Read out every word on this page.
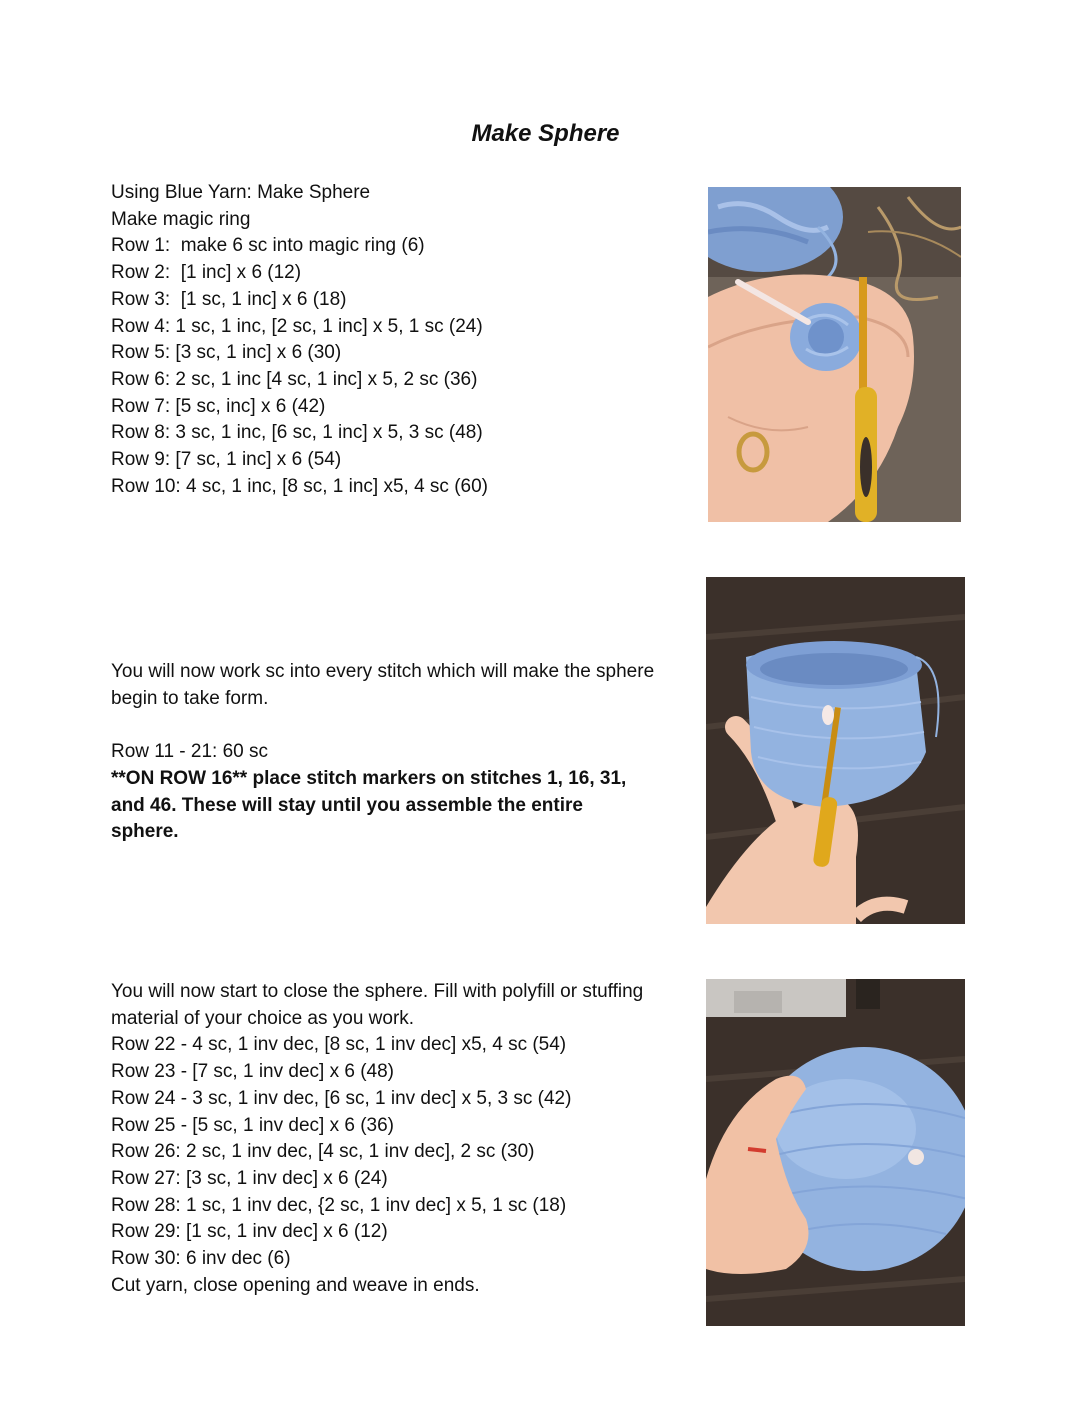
Make Sphere
Using Blue Yarn: Make Sphere
Make magic ring
Row 1:  make 6 sc into magic ring (6)
Row 2:  [1 inc] x 6 (12)
Row 3:  [1 sc, 1 inc] x 6 (18)
Row 4: 1 sc, 1 inc, [2 sc, 1 inc] x 5, 1 sc (24)
Row 5: [3 sc, 1 inc] x 6 (30)
Row 6: 2 sc, 1 inc [4 sc, 1 inc] x 5, 2 sc (36)
Row 7: [5 sc, inc] x 6 (42)
Row 8: 3 sc, 1 inc, [6 sc, 1 inc] x 5, 3 sc (48)
Row 9: [7 sc, 1 inc] x 6 (54)
Row 10: 4 sc, 1 inc, [8 sc, 1 inc] x5, 4 sc (60)
You will now work sc into every stitch which will make the sphere
begin to take form.
Row 11 - 21: 60 sc
**ON ROW 16** place stitch markers on stitches 1, 16, 31, and 46. These will stay until you assemble the entire sphere.
You will now start to close the sphere. Fill with polyfill or stuffing
material of your choice as you work.
Row 22 - 4 sc, 1 inv dec, [8 sc, 1 inv dec] x5, 4 sc (54)
Row 23 - [7 sc, 1 inv dec] x 6 (48)
Row 24 - 3 sc, 1 inv dec, [6 sc, 1 inv dec] x 5, 3 sc (42)
Row 25 - [5 sc, 1 inv dec] x 6 (36)
Row 26: 2 sc, 1 inv dec, [4 sc, 1 inv dec], 2 sc (30)
Row 27: [3 sc, 1 inv dec] x 6 (24)
Row 28: 1 sc, 1 inv dec, {2 sc, 1 inv dec] x 5, 1 sc (18)
Row 29: [1 sc, 1 inv dec] x 6 (12)
Row 30: 6 inv dec (6)
Cut yarn, close opening and weave in ends.
